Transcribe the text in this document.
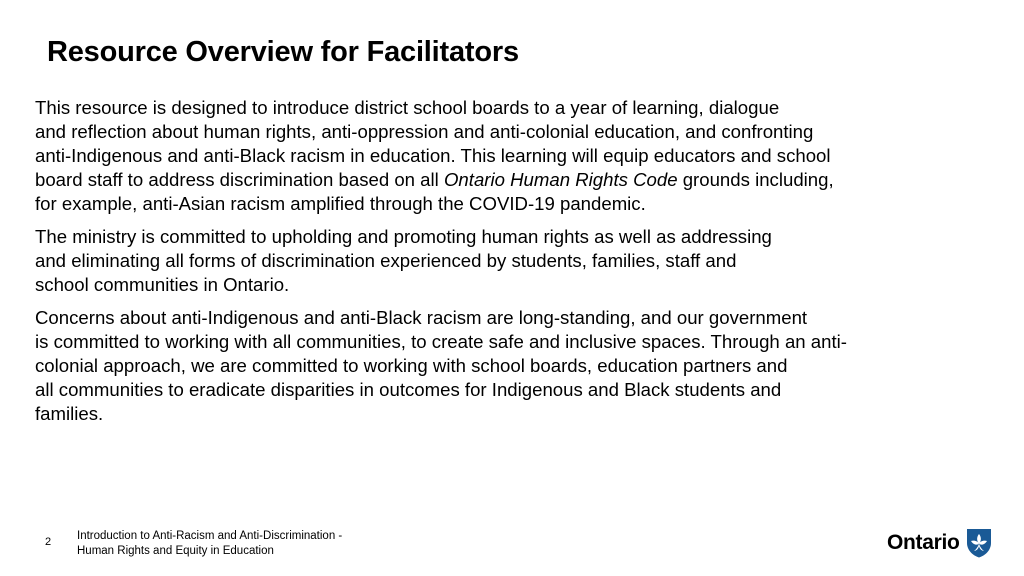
Resource Overview for Facilitators

This resource is designed to introduce district school boards to a year of learning, dialogue
and reflection about human rights, anti-oppression and anti-colonial education, and confronting
anti-Indigenous and anti-Black racism in education. This learning will equip educators and school
board staff to address discrimination based on all Ontario Human Rights Code grounds including,
for example, anti-Asian racism amplified through the COVID-19 pandemic.

The ministry is committed to upholding and promoting human rights as well as addressing
and eliminating all forms of discrimination experienced by students, families, staff and
school communities in Ontario.

Concerns about anti-Indigenous and anti-Black racism are long-standing, and our government
is committed to working with all communities, to create safe and inclusive spaces. Through an anti-
colonial approach, we are committed to working with school boards, education partners and
all communities to eradicate disparities in outcomes for Indigenous and Black students and
families.

2 Introduction to Anti-Racism and Anti-Discrimination -
Human Rights and Equity in Education	Ontario
